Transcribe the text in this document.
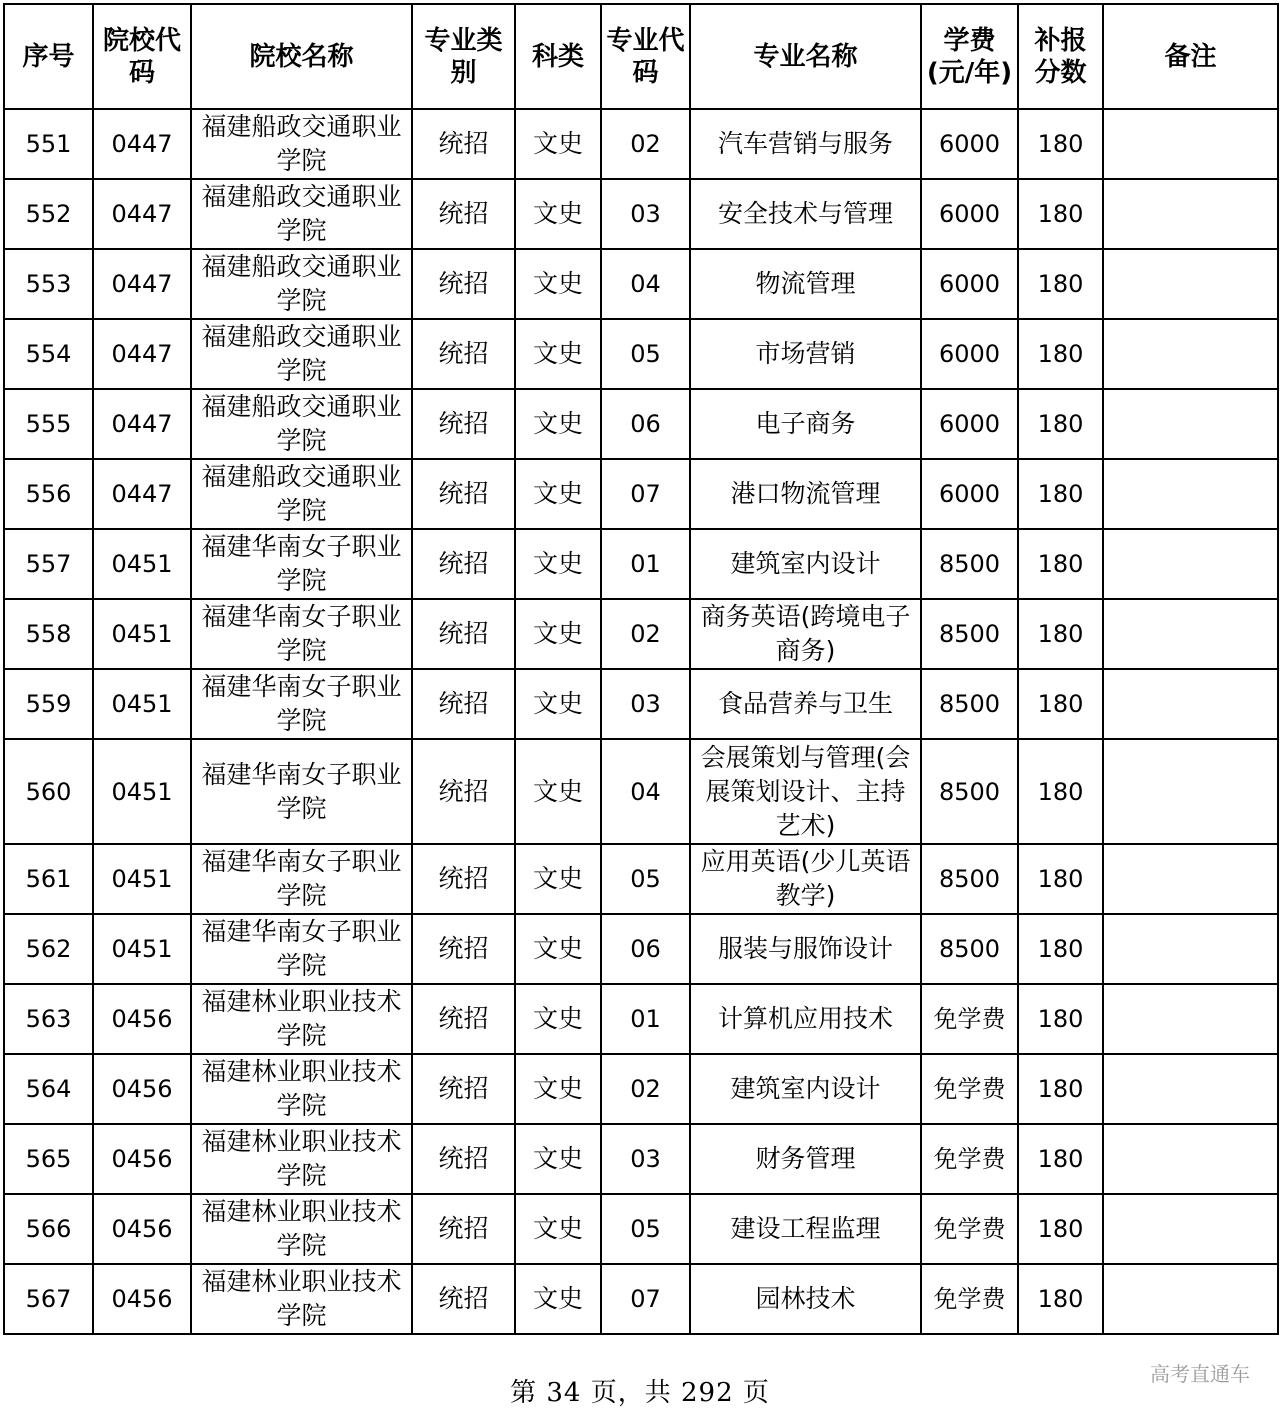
序号	院校代码	院校名称	专业类别	科类	专业代码	专业名称	学费(元/年)	补报分数	备注
551	0447	福建船政交通职业学院	统招	文史	02	汽车营销与服务	6000	180	
552	0447	福建船政交通职业学院	统招	文史	03	安全技术与管理	6000	180	
553	0447	福建船政交通职业学院	统招	文史	04	物流管理	6000	180	
554	0447	福建船政交通职业学院	统招	文史	05	市场营销	6000	180	
555	0447	福建船政交通职业学院	统招	文史	06	电子商务	6000	180	
556	0447	福建船政交通职业学院	统招	文史	07	港口物流管理	6000	180	
557	0451	福建华南女子职业学院	统招	文史	01	建筑室内设计	8500	180	
558	0451	福建华南女子职业学院	统招	文史	02	商务英语(跨境电子商务)	8500	180	
559	0451	福建华南女子职业学院	统招	文史	03	食品营养与卫生	8500	180	
560	0451	福建华南女子职业学院	统招	文史	04	会展策划与管理(会展策划设计、主持艺术)	8500	180	
561	0451	福建华南女子职业学院	统招	文史	05	应用英语(少儿英语教学)	8500	180	
562	0451	福建华南女子职业学院	统招	文史	06	服装与服饰设计	8500	180	
563	0456	福建林业职业技术学院	统招	文史	01	计算机应用技术	免学费	180	
564	0456	福建林业职业技术学院	统招	文史	02	建筑室内设计	免学费	180	
565	0456	福建林业职业技术学院	统招	文史	03	财务管理	免学费	180	
566	0456	福建林业职业技术学院	统招	文史	05	建设工程监理	免学费	180	
567	0456	福建林业职业技术学院	统招	文史	07	园林技术	免学费	180	
第 34 页，共 292 页
高考直通车
